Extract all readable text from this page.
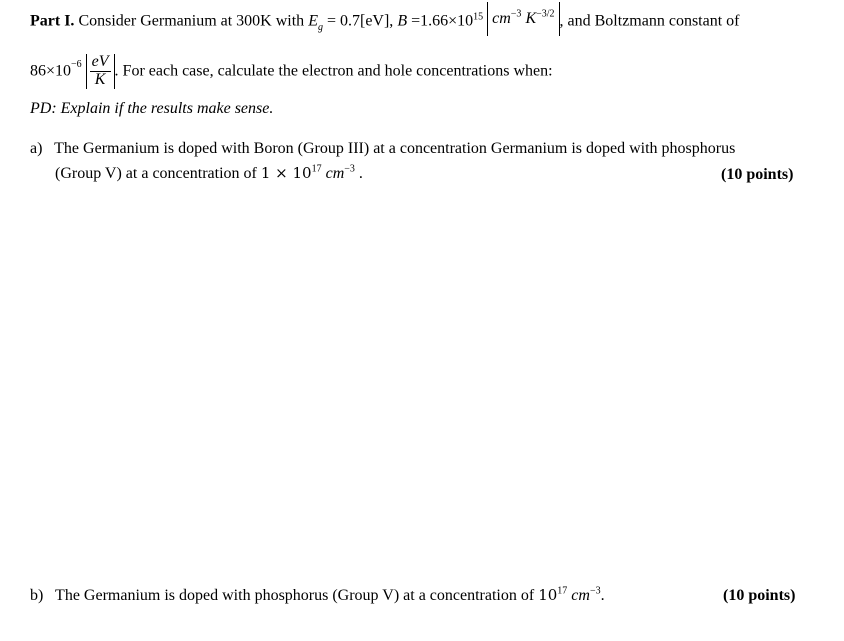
Part I. Consider Germanium at 300K with $E_g = 0.7[eV]$, $B =1.66\times 10^{15}$ $cm^{-3}$ $K^{-3/2}$ , and Boltzmann constant of
$86\times 10^{-6} \frac{eV}{K}$ . For each case, calculate the electron and hole concentrations when:
PD: Explain if the results make sense.
a) The Germanium is doped with Boron (Group III) at a concentration Germanium is doped with phosphorus
(Group V) at a concentration of $1 \times 10^{17}$ $cm^{-3}$ .	(10 points)
b) The Germanium is doped with phosphorus (Group V) at a concentration of $10^{17}$ $cm^{-3}$.	(10 points)
